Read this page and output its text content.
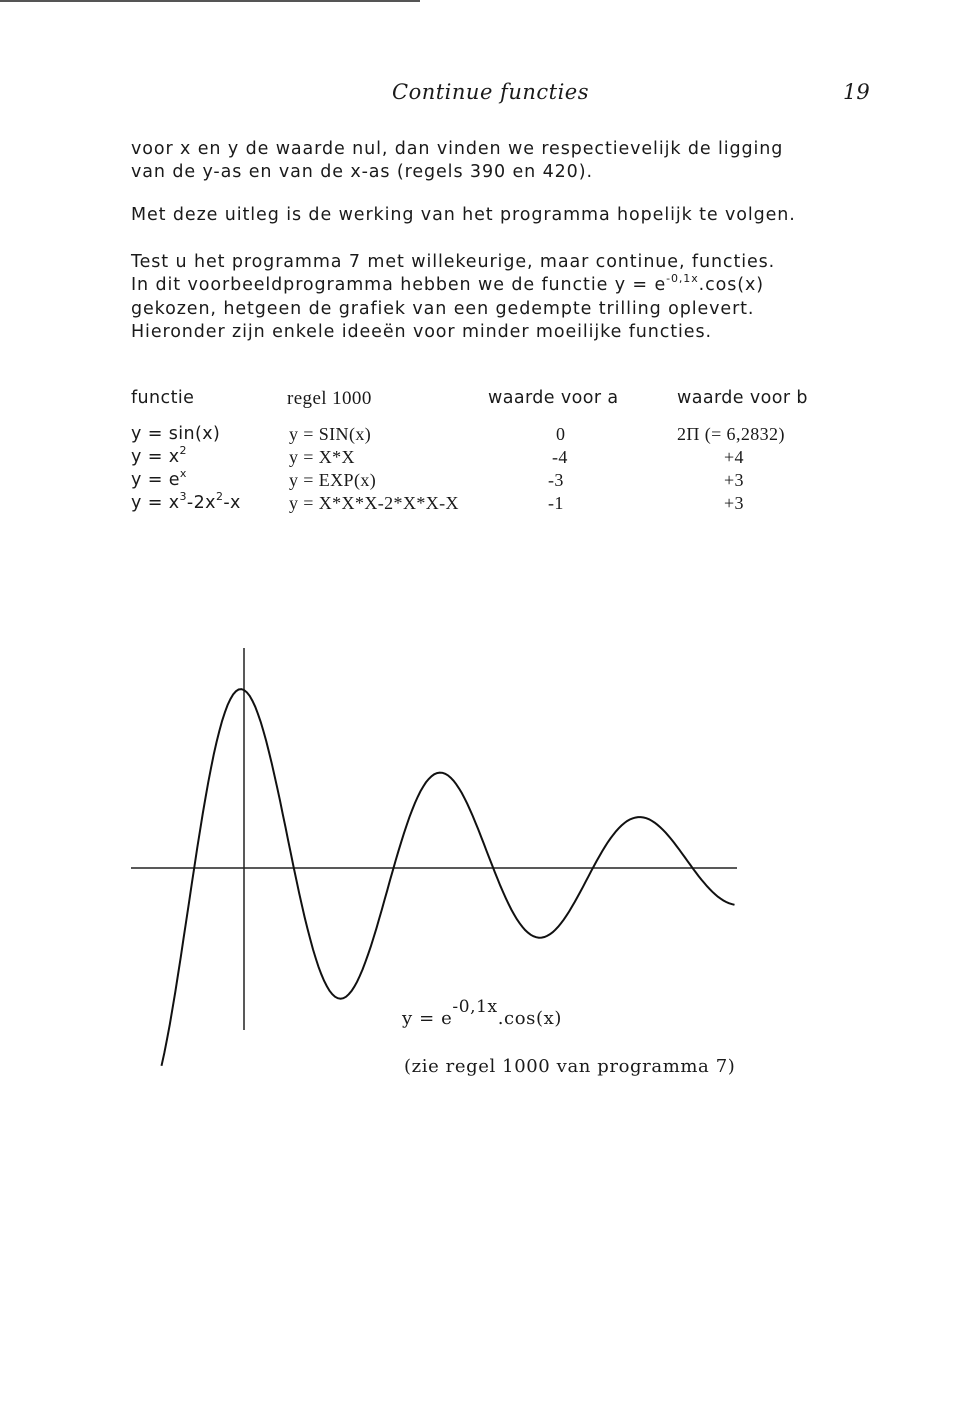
Continue functies	19
voor x en y de waarde nul, dan vinden we respectievelijk de ligging
van de y-as en van de x-as (regels 390 en 420).
Met deze uitleg is de werking van het programma hopelijk te volgen.
Test u het programma 7 met willekeurige, maar continue, functies.
In dit voorbeeldprogramma hebben we de functie $y = e^{-0,1x}.\cos(x)$
gekozen, hetgeen de grafiek van een gedempte trilling oplevert.
Hieronder zijn enkele ideeën voor minder moeilijke functies.
functie	regel 1000	waarde voor a	waarde voor b
y = sin(x)	y = SIN(x)	0	2Π (= 6,2832)
$y = x^2$	y = X*X	-4	+4
$y = e^x$	y = EXP(x)	-3	+3
$y = x^3-2x^2-x$	y = X*X*X-2*X*X-X	-1	+3
$y = e^{-0,1x}.\cos(x)$
(zie regel 1000 van programma 7)
